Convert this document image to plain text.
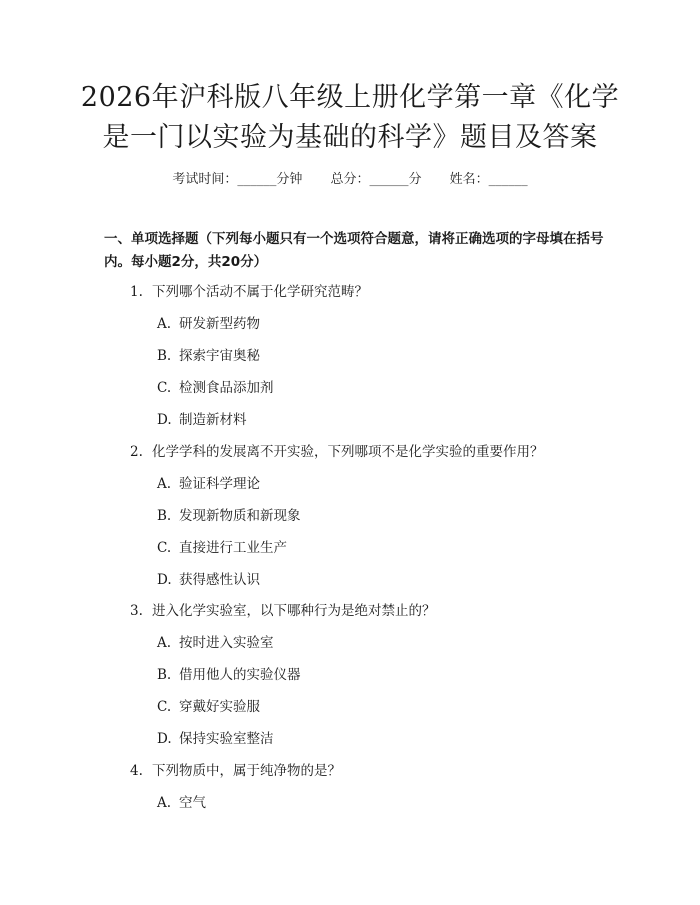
2026年沪科版八年级上册化学第一章《化学
是一门以实验为基础的科学》题目及答案
考试时间：______分钟 总分：______分 姓名：______
一、单项选择题（下列每小题只有一个选项符合题意，请将正确选项的字母填在括号内。每小题2分，共20分）
1. 下列哪个活动不属于化学研究范畴？
A. 研发新型药物
B. 探索宇宙奥秘
C. 检测食品添加剂
D. 制造新材料
2. 化学学科的发展离不开实验，下列哪项不是化学实验的重要作用？
A. 验证科学理论
B. 发现新物质和新现象
C. 直接进行工业生产
D. 获得感性认识
3. 进入化学实验室，以下哪种行为是绝对禁止的？
A. 按时进入实验室
B. 借用他人的实验仪器
C. 穿戴好实验服
D. 保持实验室整洁
4. 下列物质中，属于纯净物的是？
A. 空气
